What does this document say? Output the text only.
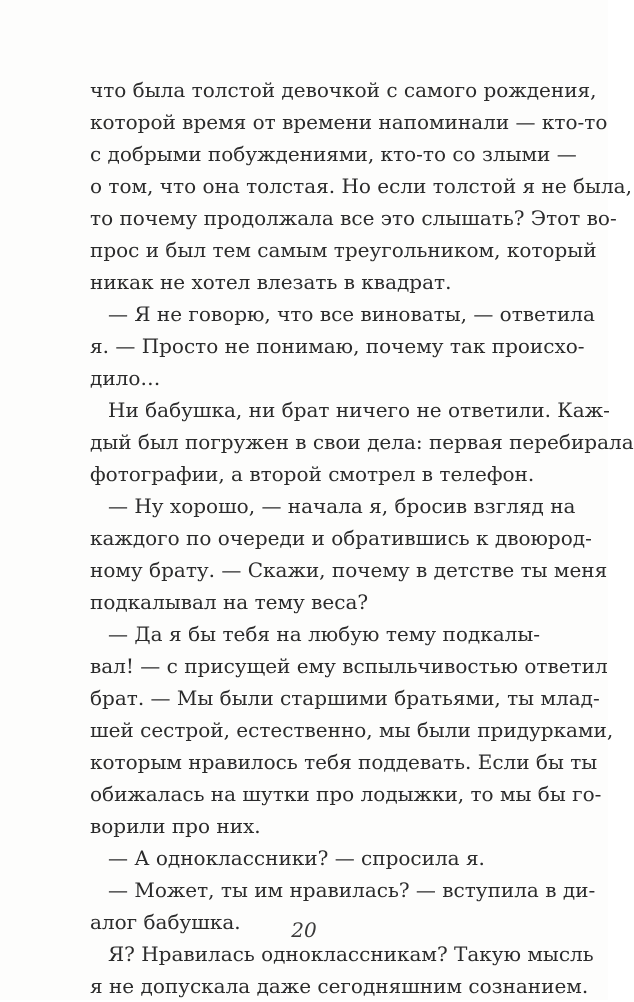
что была толстой девочкой с самого рождения,
которой время от времени напоминали — кто-то
с добрыми побуждениями, кто-то со злыми —
о том, что она толстая. Но если толстой я не была,
то почему продолжала все это слышать? Этот во-
прос и был тем самым треугольником, который
никак не хотел влезать в квадрат.
— Я не говорю, что все виноваты, — ответила
я. — Просто не понимаю, почему так происхо-
дило…
Ни бабушка, ни брат ничего не ответили. Каж-
дый был погружен в свои дела: первая перебирала
фотографии, а второй смотрел в телефон.
— Ну хорошо, — начала я, бросив взгляд на
каждого по очереди и обратившись к двоюрод-
ному брату. — Скажи, почему в детстве ты меня
подкалывал на тему веса?
— Да я бы тебя на любую тему подкалы-
вал! — с присущей ему вспыльчивостью ответил
брат. — Мы были старшими братьями, ты млад-
шей сестрой, естественно, мы были придурками,
которым нравилось тебя поддевать. Если бы ты
обижалась на шутки про лодыжки, то мы бы го-
ворили про них.
— А одноклассники? — спросила я.
— Может, ты им нравилась? — вступила в ди-
алог бабушка.
Я? Нравилась одноклассникам? Такую мысль
я не допускала даже сегодняшним сознанием.
20
